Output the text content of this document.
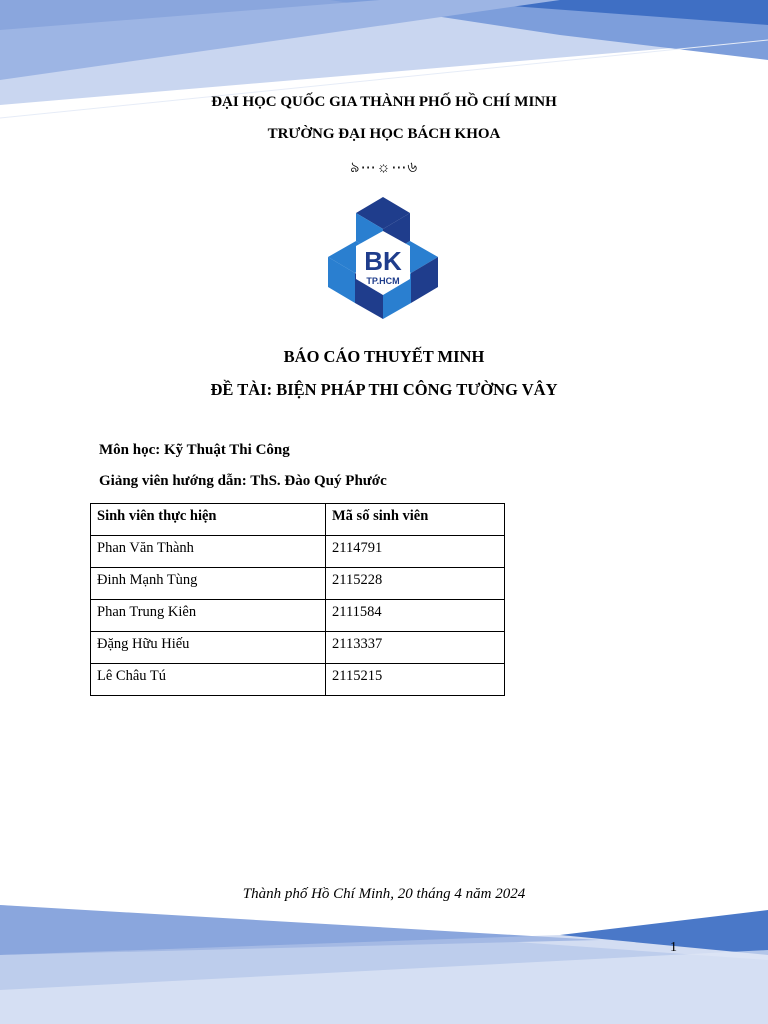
ĐẠI HỌC QUỐC GIA THÀNH PHỐ HỒ CHÍ MINH
TRƯỜNG ĐẠI HỌC BÁCH KHOA
৯⋯☼⋯৬
BK
TP.HCM
BÁO CÁO THUYẾT MINH
ĐỀ TÀI: BIỆN PHÁP THI CÔNG TƯỜNG VÂY
Môn học: Kỹ Thuật Thi Công
Giảng viên hướng dẫn: ThS. Đào Quý Phước
Sinh viên thực hiện	Mã số sinh viên
Phan Văn Thành	2114791
Đinh Mạnh Tùng	2115228
Phan Trung Kiên	2111584
Đặng Hữu Hiếu	2113337
Lê Châu Tú	2115215
Thành phố Hồ Chí Minh, 20 tháng 4 năm 2024
1
